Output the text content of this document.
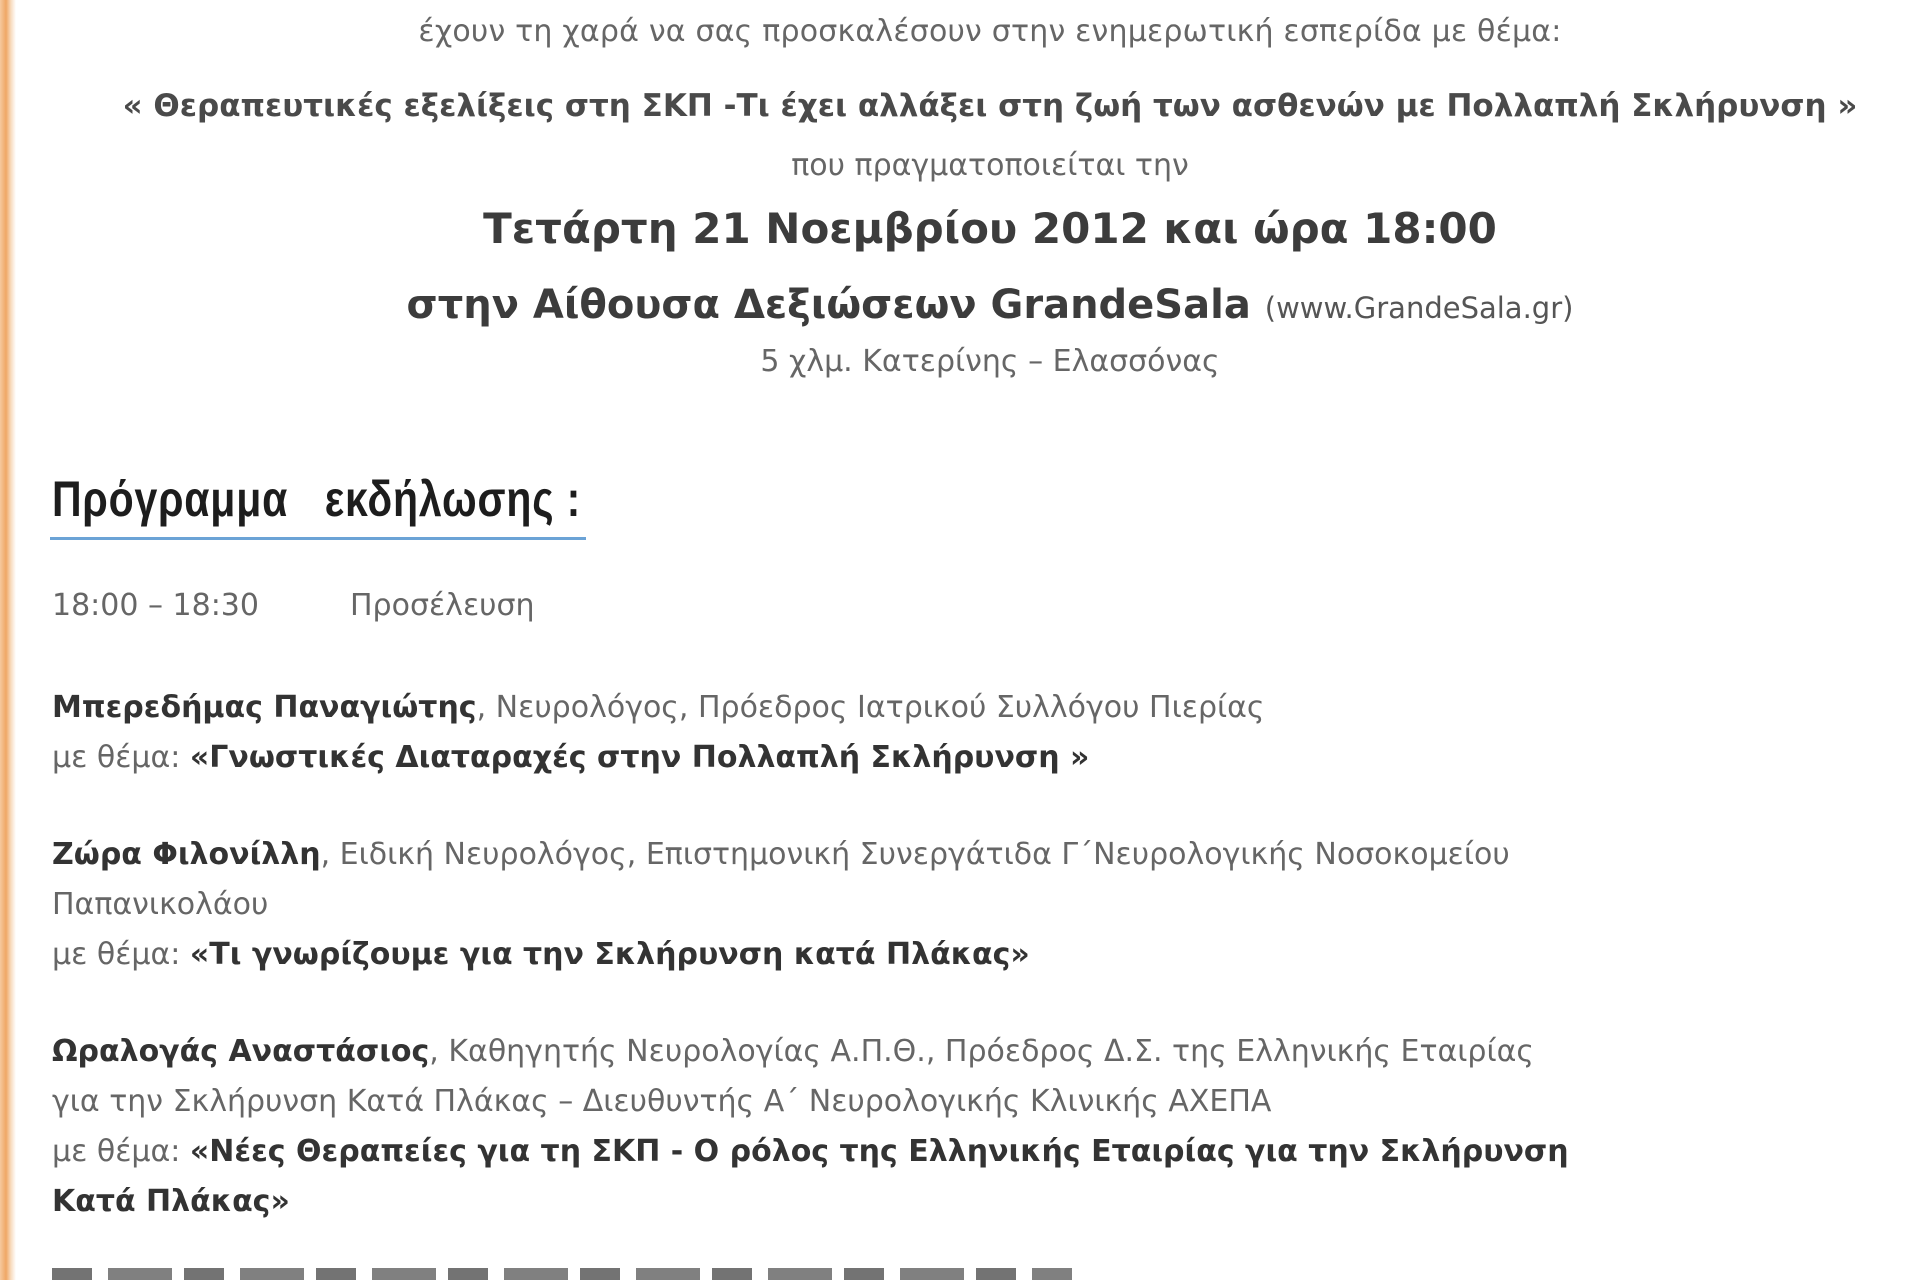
έχουν τη χαρά να σας προσκαλέσουν στην ενημερωτική εσπερίδα με θέμα:
« Θεραπευτικές εξελίξεις στη ΣΚΠ -Τι έχει αλλάξει στη ζωή των ασθενών με Πολλαπλή Σκλήρυνση »
που πραγματοποιείται την
Τετάρτη 21 Νοεμβρίου 2012 και ώρα 18:00
στην Αίθουσα Δεξιώσεων GrandeSala (www.GrandeSala.gr)
5 χλμ. Κατερίνης – Ελασσόνας
Πρόγραμμα   εκδήλωσης :
18:00 – 18:30	Προσέλευση
Μπερεδήμας Παναγιώτης, Νευρολόγος, Πρόεδρος Ιατρικού Συλλόγου Πιερίας
με θέμα: «Γνωστικές Διαταραχές στην Πολλαπλή Σκλήρυνση »
Ζώρα Φιλονίλλη, Ειδική Νευρολόγος, Επιστημονική Συνεργάτιδα Γ΄Νευρολογικής Νοσοκομείου
Παπανικολάου
με θέμα: «Τι γνωρίζουμε για την Σκλήρυνση κατά Πλάκας»
Ωραλογάς Αναστάσιος, Καθηγητής Νευρολογίας Α.Π.Θ., Πρόεδρος Δ.Σ. της Ελληνικής Εταιρίας
για την Σκλήρυνση Κατά Πλάκας – Διευθυντής Α΄ Νευρολογικής Κλινικής ΑΧΕΠΑ
με θέμα: «Νέες Θεραπείες για τη ΣΚΠ - Ο ρόλος της Ελληνικής Εταιρίας για την Σκλήρυνση
Κατά Πλάκας»
